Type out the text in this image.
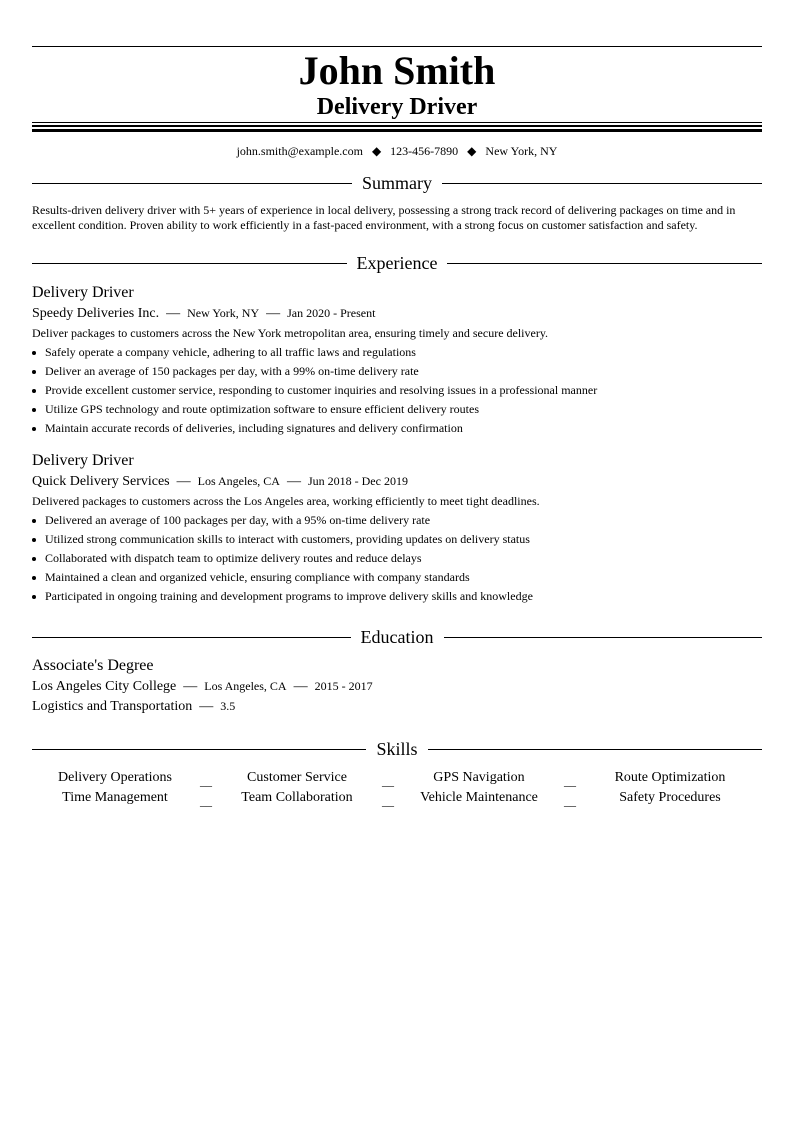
John Smith
Delivery Driver
john.smith@example.com ◆ 123-456-7890 ◆ New York, NY
Summary
Results-driven delivery driver with 5+ years of experience in local delivery, possessing a strong track record of delivering packages on time and in excellent condition. Proven ability to work efficiently in a fast-paced environment, with a strong focus on customer satisfaction and safety.
Experience
Delivery Driver
Speedy Deliveries Inc. — New York, NY — Jan 2020 - Present
Deliver packages to customers across the New York metropolitan area, ensuring timely and secure delivery.
Safely operate a company vehicle, adhering to all traffic laws and regulations
Deliver an average of 150 packages per day, with a 99% on-time delivery rate
Provide excellent customer service, responding to customer inquiries and resolving issues in a professional manner
Utilize GPS technology and route optimization software to ensure efficient delivery routes
Maintain accurate records of deliveries, including signatures and delivery confirmation
Delivery Driver
Quick Delivery Services — Los Angeles, CA — Jun 2018 - Dec 2019
Delivered packages to customers across the Los Angeles area, working efficiently to meet tight deadlines.
Delivered an average of 100 packages per day, with a 95% on-time delivery rate
Utilized strong communication skills to interact with customers, providing updates on delivery status
Collaborated with dispatch team to optimize delivery routes and reduce delays
Maintained a clean and organized vehicle, ensuring compliance with company standards
Participated in ongoing training and development programs to improve delivery skills and knowledge
Education
Associate's Degree
Los Angeles City College — Los Angeles, CA — 2015 - 2017
Logistics and Transportation — 3.5
Skills
Delivery Operations	__	Customer Service	__	GPS Navigation	__	Route Optimization
Time Management	__	Team Collaboration	__	Vehicle Maintenance	__	Safety Procedures
